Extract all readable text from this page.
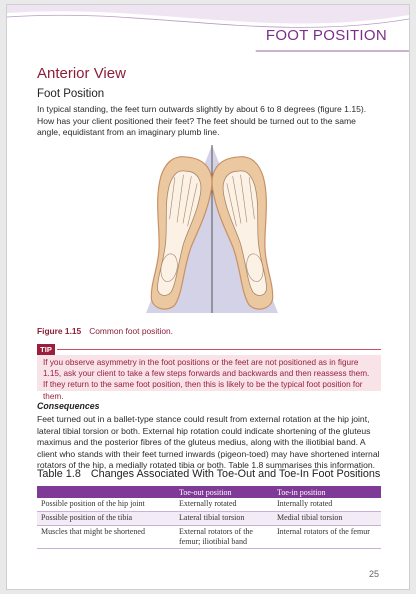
FOOT POSITION
Anterior View
Foot Position
In typical standing, the feet turn outwards slightly by about 6 to 8 degrees (figure 1.15). How has your client positioned their feet? The feet should be turned out to the same angle, equidistant from an imaginary plumb line.
Figure 1.15 Common foot position.
TIP
If you observe asymmetry in the foot positions or the feet are not positioned as in figure 1.15, ask your client to take a few steps forwards and backwards and then reassess them. If they return to the same foot position, then this is likely to be the typical foot position for them.
Consequences
Feet turned out in a ballet-type stance could result from external rotation at the hip joint, lateral tibial torsion or both. External hip rotation could indicate shortening of the gluteus maximus and the posterior fibres of the gluteus medius, along with the iliotibial band. A client who stands with their feet turned inwards (pigeon-toed) may have shortened internal rotators of the hip, a medially rotated tibia or both. Table 1.8 summarises this information.
Table 1.8 Changes Associated With Toe-Out and Toe-In Foot Positions
	Toe-out position	Toe-in position
Possible position of the hip joint	Externally rotated	Internally rotated
Possible position of the tibia	Lateral tibial torsion	Medial tibial torsion
Muscles that might be shortened	External rotators of the femur; iliotibial band	Internal rotators of the femur
25
